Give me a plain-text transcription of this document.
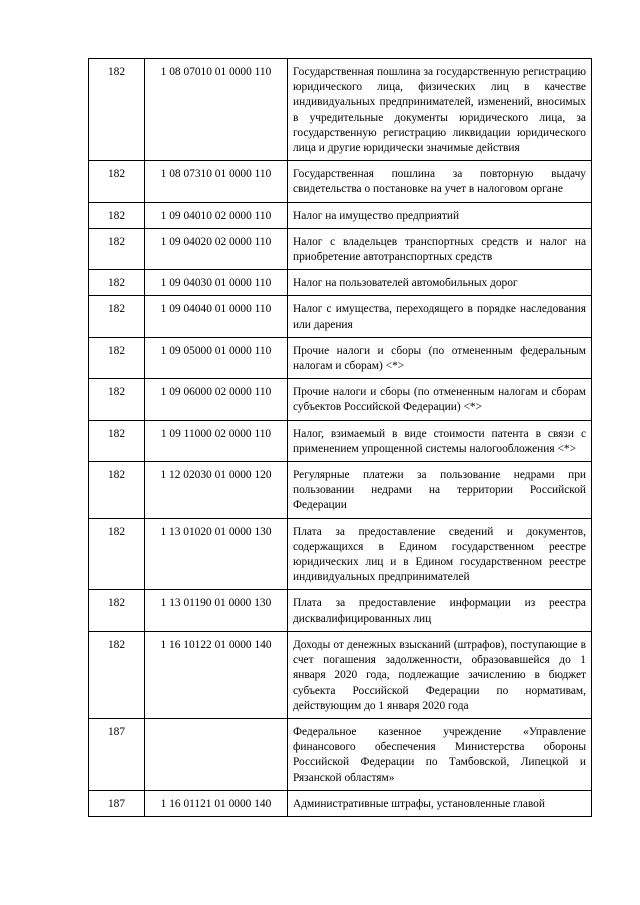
182	1 08 07010 01 0000 110	Государственная пошлина за государственную регистрацию юридического лица, физических лиц в качестве индивидуальных предпринимателей, изменений, вносимых в учредительные документы юридического лица, за государственную регистрацию ликвидации юридического лица и другие юридически значимые действия
182	1 08 07310 01 0000 110	Государственная пошлина за повторную выдачу свидетельства о постановке на учет в налоговом органе
182	1 09 04010 02 0000 110	Налог на имущество предприятий
182	1 09 04020 02 0000 110	Налог с владельцев транспортных средств и налог на приобретение автотранспортных средств
182	1 09 04030 01 0000 110	Налог на пользователей автомобильных дорог
182	1 09 04040 01 0000 110	Налог с имущества, переходящего в порядке наследования или дарения
182	1 09 05000 01 0000 110	Прочие налоги и сборы (по отмененным федеральным налогам и сборам) <*>
182	1 09 06000 02 0000 110	Прочие налоги и сборы (по отмененным налогам и сборам субъектов Российской Федерации) <*>
182	1 09 11000 02 0000 110	Налог, взимаемый в виде стоимости патента в связи с применением упрощенной системы налогообложения <*>
182	1 12 02030 01 0000 120	Регулярные платежи за пользование недрами при пользовании недрами на территории Российской Федерации
182	1 13 01020 01 0000 130	Плата за предоставление сведений и документов, содержащихся в Едином государственном реестре юридических лиц и в Едином государственном реестре индивидуальных предпринимателей
182	1 13 01190 01 0000 130	Плата за предоставление информации из реестра дисквалифицированных лиц
182	1 16 10122 01 0000 140	Доходы от денежных взысканий (штрафов), поступающие в счет погашения задолженности, образовавшейся до 1 января 2020 года, подлежащие зачислению в бюджет субъекта Российской Федерации по нормативам, действующим до 1 января 2020 года
187		Федеральное казенное учреждение «Управление финансового обеспечения Министерства обороны Российской Федерации по Тамбовской, Липецкой и Рязанской областям»
187	1 16 01121 01 0000 140	Административные штрафы, установленные главой
